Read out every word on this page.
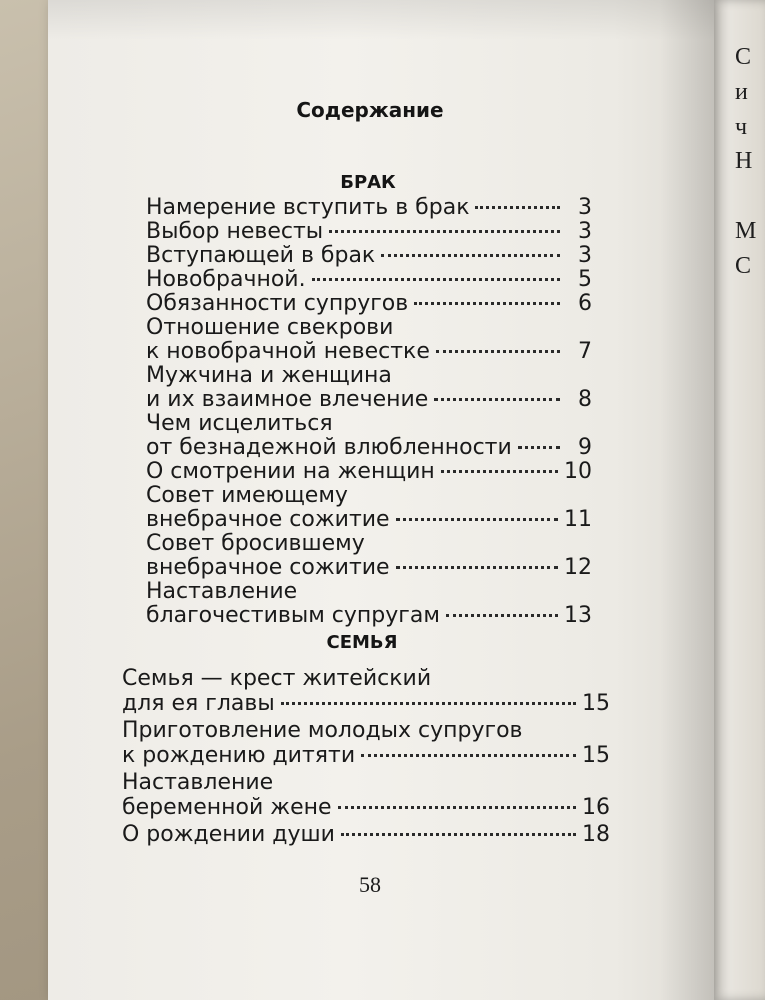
С
и
ч
Н

М
С
Содержание
БРАК
Намерение вступить в брак	3
Выбор невесты	3
Вступающей в брак	3
Новобрачной.	5
Обязанности супругов	6
Отношение свекрови
к новобрачной невестке	7
Мужчина и женщина
и их взаимное влечение	8
Чем исцелиться
от безнадежной влюбленности	9
О смотрении на женщин	10
Совет имеющему
внебрачное сожитие	11
Совет бросившему
внебрачное сожитие	12
Наставление
благочестивым супругам	13
СЕМЬЯ
Семья — крест житейский
для ея главы	15
Приготовление молодых супругов
к рождению дитяти	15
Наставление
беременной жене	16
О рождении души	18
58
